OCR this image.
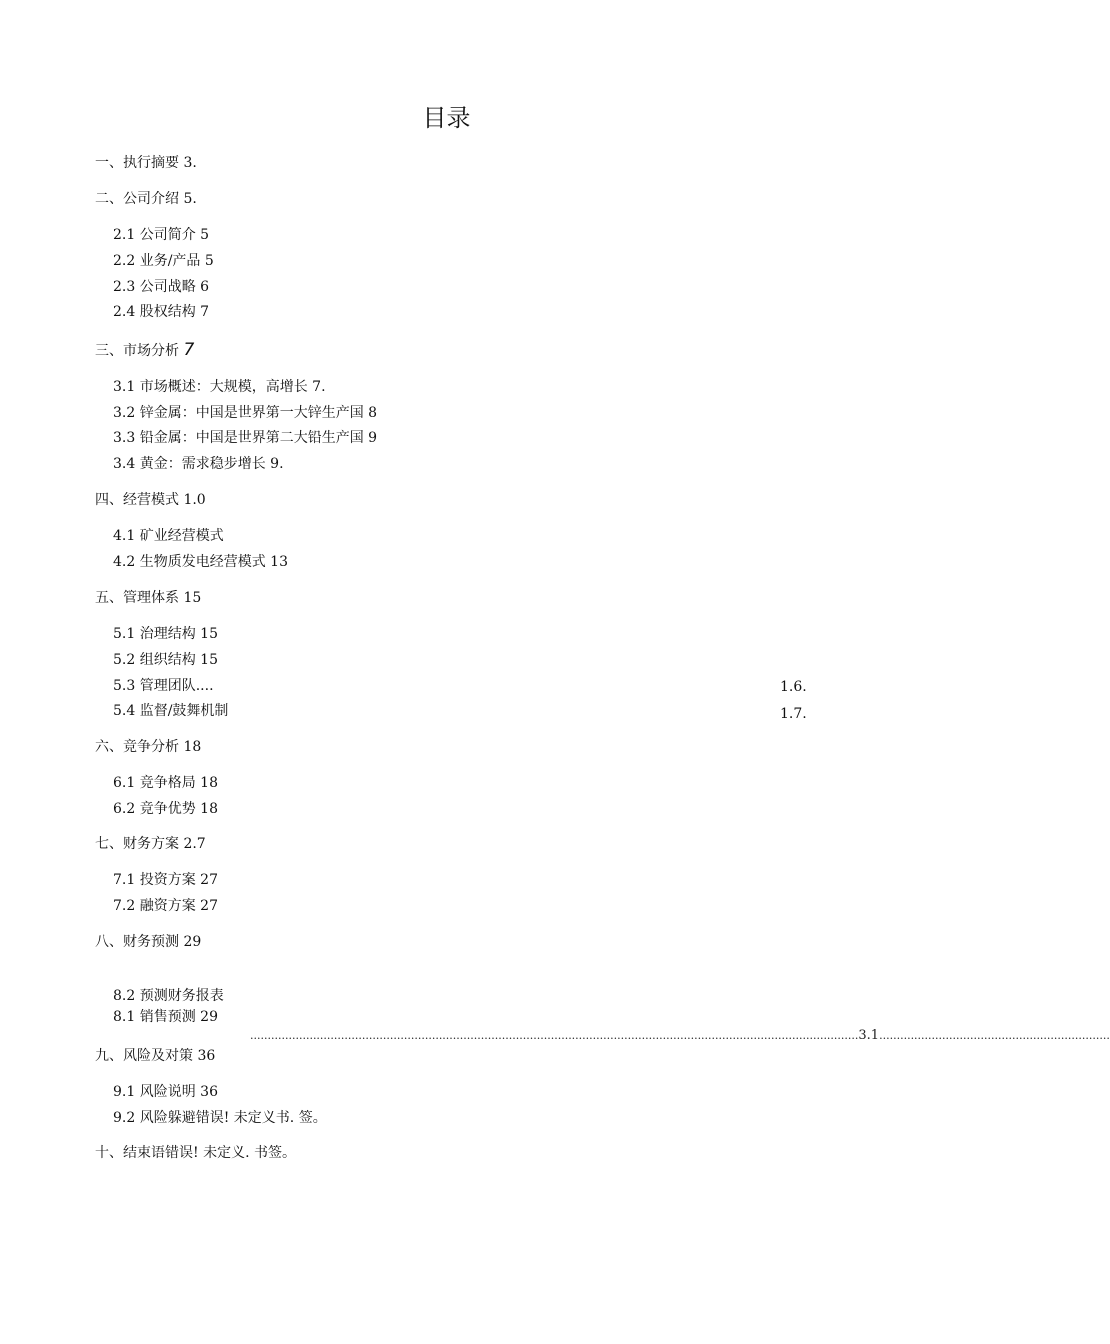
目录
一、执行摘要 3.
二、公司介绍 5.
2.1 公司简介 5
2.2 业务/产品 5
2.3 公司战略 6
2.4 股权结构 7
三、市场分析 7
3.1 市场概述：大规模，高增长 7.
3.2 锌金属：中国是世界第一大锌生产国 8
3.3 铅金属：中国是世界第二大铅生产国 9
3.4 黄金：需求稳步增长 9.
四、经营模式 1.0
4.1 矿业经营模式
4.2 生物质发电经营模式 13
五、管理体系 15
5.1 治理结构 15
5.2 组织结构 15
5.3 管理团队....	1.6.
5.4 监督/鼓舞机制	1.7.
六、竞争分析 18
6.1 竞争格局 18
6.2 竞争优势 18
七、财务方案 2.7
7.1 投资方案 27
7.2 融资方案 27
八、财务预测 29
8.2 预测财务报表
8.1 销售预测 29
..............................................................................................................................................................................3.1..................................................................
九、风险及对策 36
9.1 风险说明 36
9.2 风险躲避错误! 未定义书. 签。
十、结束语错误! 未定义. 书签。
